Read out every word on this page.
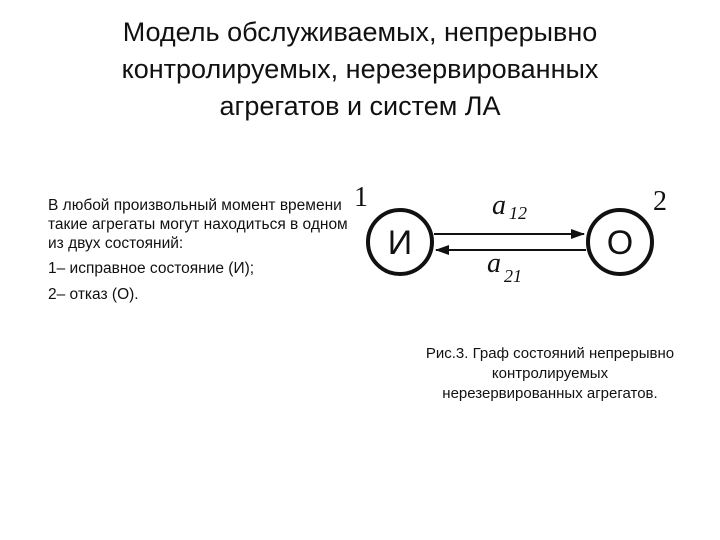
Модель обслуживаемых, непрерывно
контролируемых, нерезервированных
агрегатов и систем ЛА

В любой произвольный момент времени такие агрегаты могут находиться в одном из двух состояний:

1– исправное состояние (И);

2– отказ (О).

И
1
О
2
a 12
a 21
Рис.3. Граф состояний непрерывно
контролируемых
нерезервированных агрегатов.
